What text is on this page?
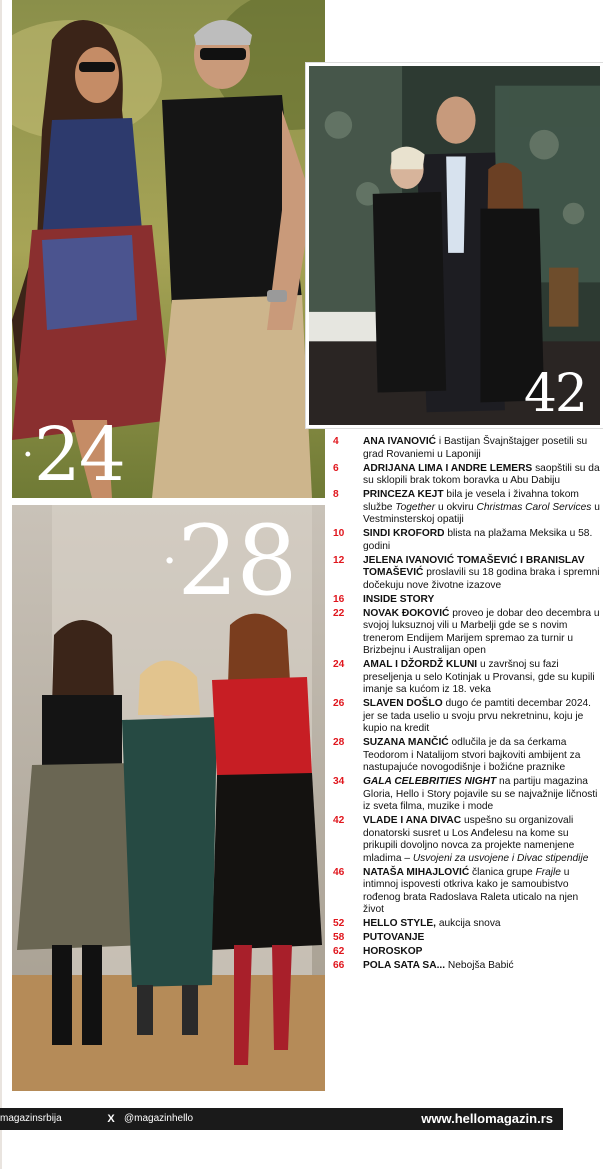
·24
42
·28
4	ANA IVANOVIĆ i Bastijan Švajnštajger posetili su grad Rovaniemi u Laponiji
6	ADRIJANA LIMA I ANDRE LEMERS saopštili su da su sklopili brak tokom boravka u Abu Dabiju
8	PRINCEZA KEJT bila je vesela i živahna tokom službe Together u okviru Christmas Carol Services u Vestminsterskoj opatiji
10	SINDI KROFORD blista na plažama Meksika u 58. godini
12	JELENA IVANOVIĆ TOMAŠEVIĆ I BRANISLAV TOMAŠEVIĆ proslavili su 18 godina braka i spremni dočekuju nove životne izazove
16	INSIDE STORY
22	NOVAK ĐOKOVIĆ proveo je dobar deo decembra u svojoj luksuznoj vili u Marbelji gde se s novim trenerom Endijem Marijem spremao za turnir u Brizbejnu i Australijan open
24	AMAL I DŽORDŽ KLUNI u završnoj su fazi preseljenja u selo Kotinjak u Provansi, gde su kupili imanje sa kućom iz 18. veka
26	SLAVEN DOŠLO dugo će pamtiti decembar 2024. jer se tada uselio u svoju prvu nekretninu, koju je kupio na kredit
28	SUZANA MANČIĆ odlučila je da sa ćerkama Teodorom i Natalijom stvori bajkoviti ambijent za nastupajuće novogodišnje i božićne praznike
34	GALA CELEBRITIES NIGHT na partiju magazina Gloria, Hello i Story pojavile su se najvažnije ličnosti iz sveta filma, muzike i mode
42	VLADE I ANA DIVAC uspešno su organizovali donatorski susret u Los Anđelesu na kome su prikupili dovoljno novca za projekte namenjene mladima – Usvojeni za usvojene i Divac stipendije
46	NATAŠA MIHAJLOVIĆ članica grupe Frajle u intimnoj ispovesti otkriva kako je samoubistvo rođenog brata Radoslava Raleta uticalo na njen život
52	HELLO STYLE, aukcija snova
58	PUTOVANJE
62	HOROSKOP
66	POLA SATA SA... Nebojša Babić
magazinsrbija	X @magazinhello	www.hellomagazin.rs
